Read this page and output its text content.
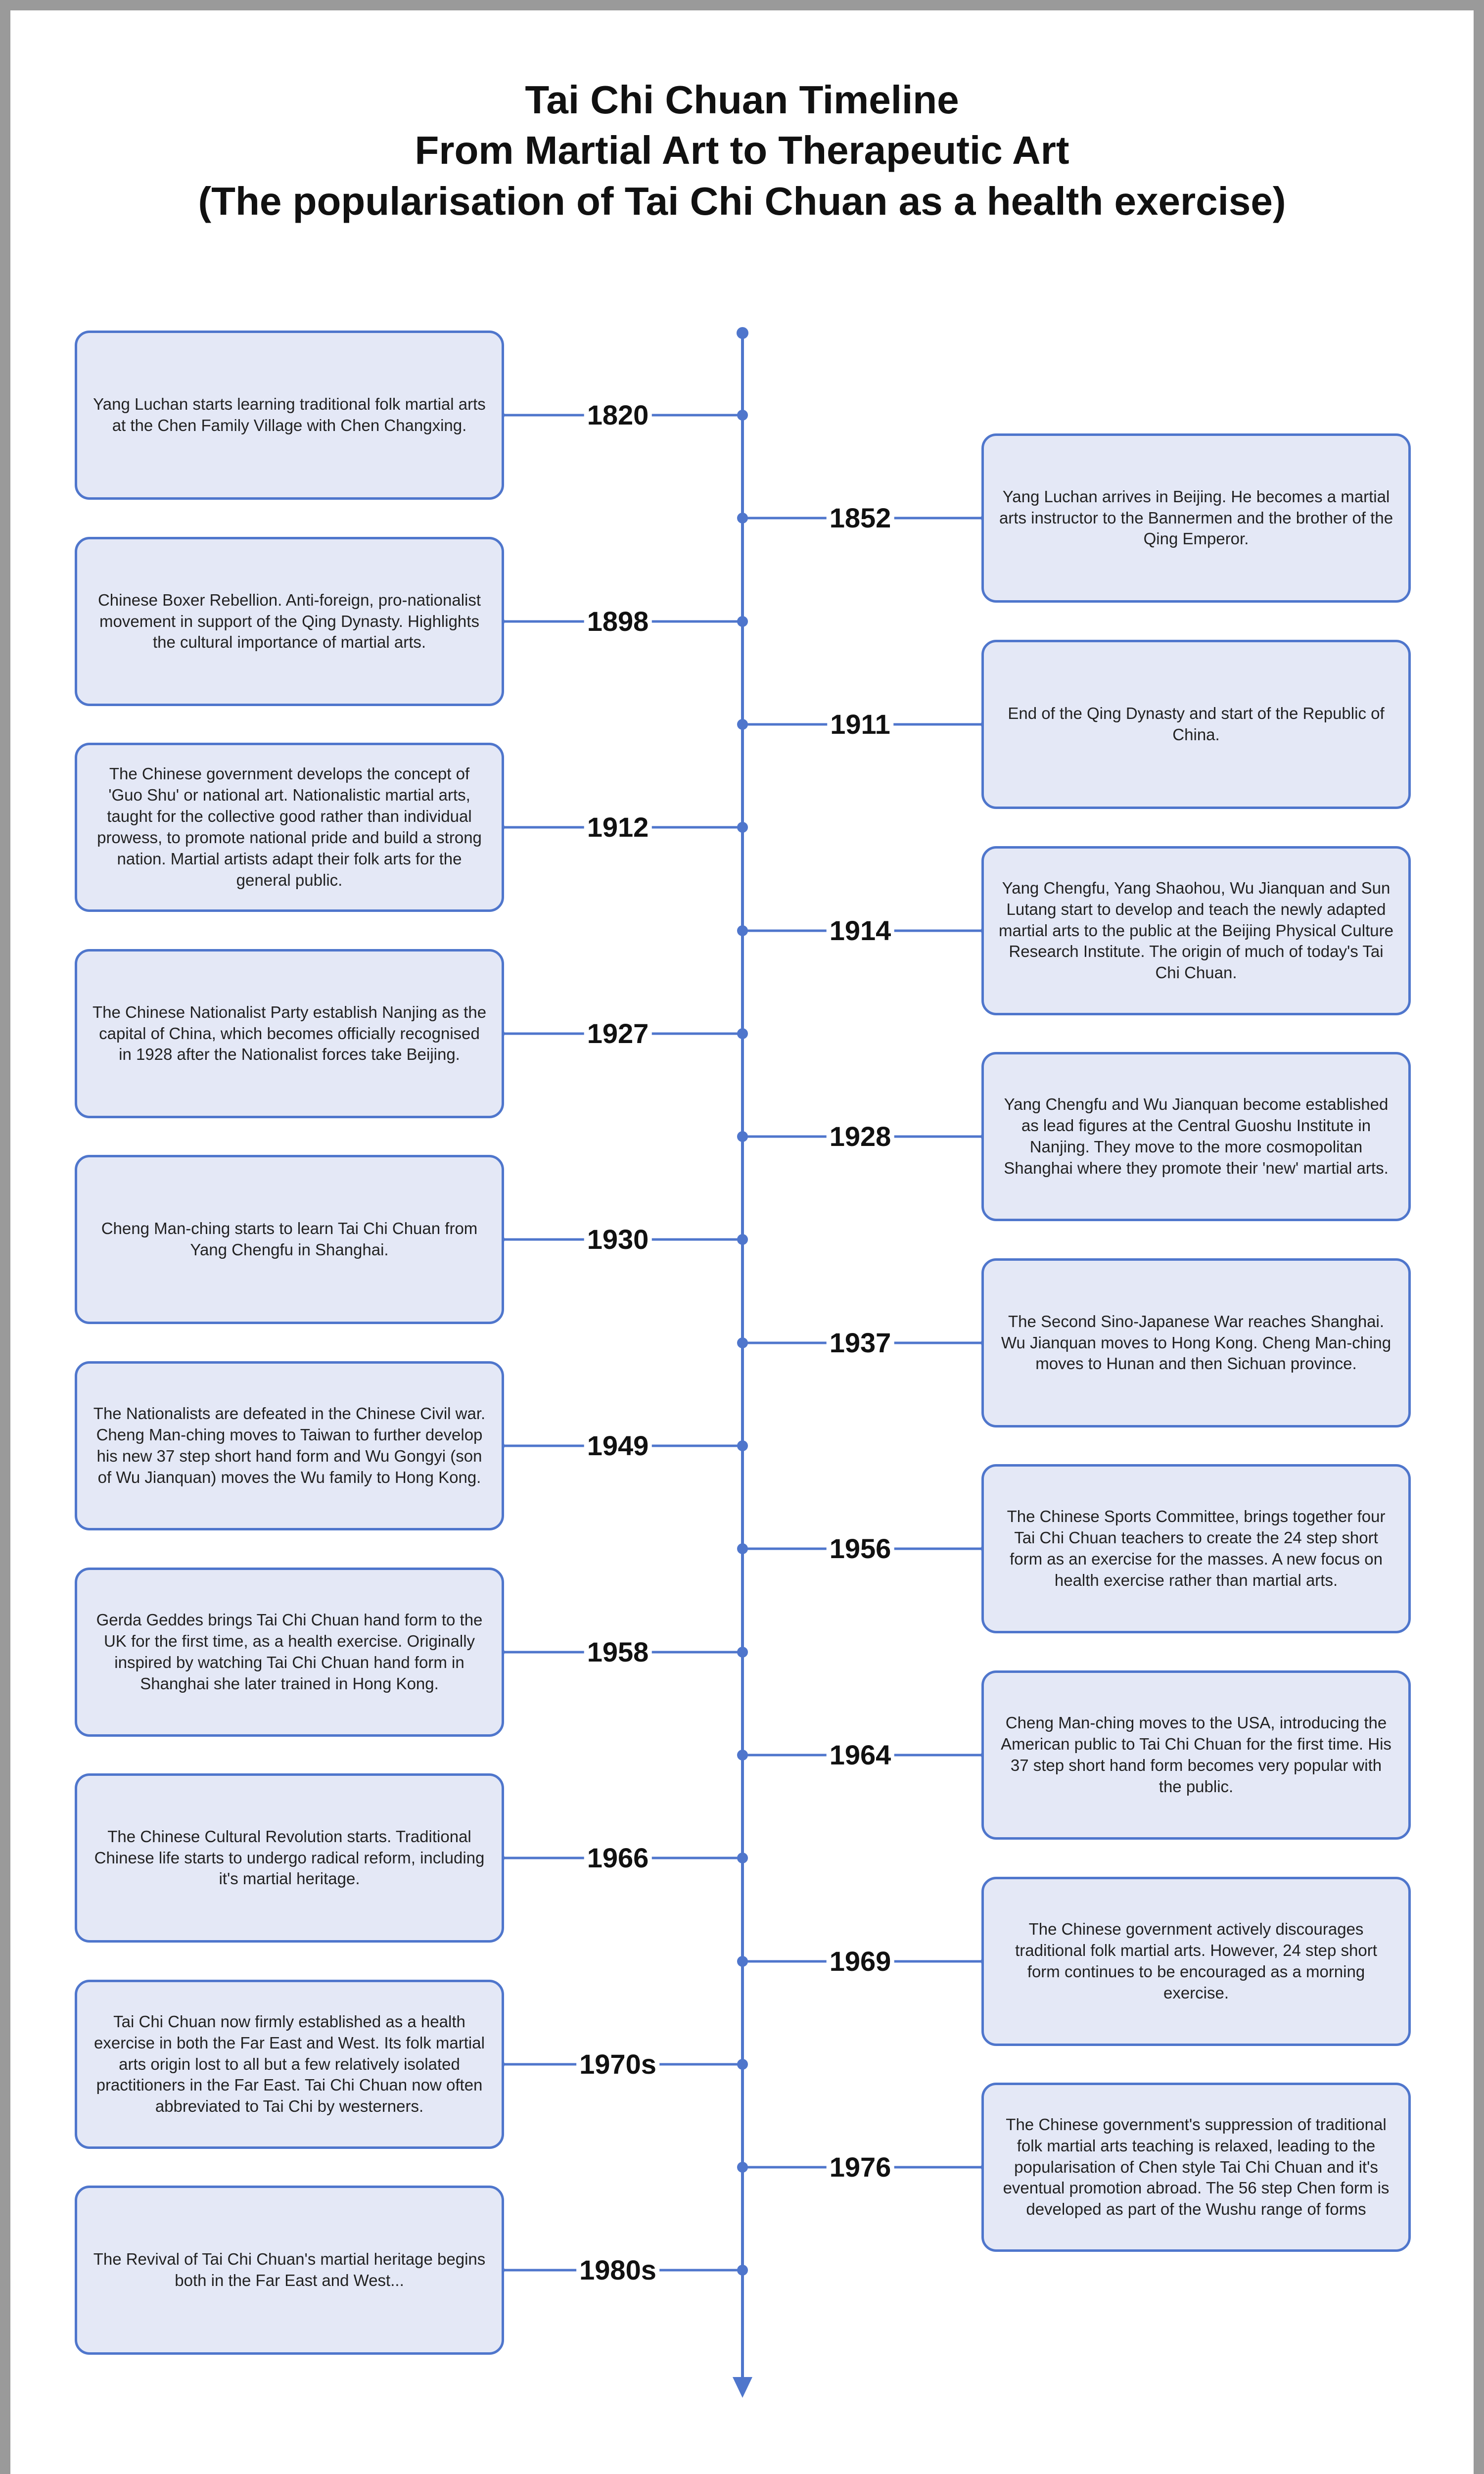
Tai Chi Chuan Timeline
From Martial Art to Therapeutic Art
(The popularisation of Tai Chi Chuan as a health exercise)
Yang Luchan starts learning traditional folk martial arts at the Chen Family Village with Chen Changxing.	1820
Yang Luchan arrives in Beijing. He becomes a martial arts instructor to the Bannermen and the brother of the Qing Emperor.
1852
Chinese Boxer Rebellion. Anti-foreign, pro-nationalist movement in support of the Qing Dynasty. Highlights the cultural importance of martial arts.
1898
End of the Qing Dynasty and start of the Republic of China.
1911
The Chinese government develops the concept of 'Guo Shu' or national art. Nationalistic martial arts, taught for the collective good rather than individual prowess, to promote national pride and build a strong nation. Martial artists adapt their folk arts for the general public.
1912
Yang Chengfu, Yang Shaohou, Wu Jianquan and Sun Lutang start to develop and teach the newly adapted martial arts to the public at the Beijing Physical Culture Research Institute. The origin of much of today's Tai Chi Chuan.
1914
The Chinese Nationalist Party establish Nanjing as the capital of China, which becomes officially recognised in 1928 after the Nationalist forces take Beijing.
1927
Yang Chengfu and Wu Jianquan become established as lead figures at the Central Guoshu Institute in Nanjing. They move to the more cosmopolitan Shanghai where they promote their 'new' martial arts.
1928
Cheng Man-ching starts to learn Tai Chi Chuan from Yang Chengfu in Shanghai.	1930
The Second Sino-Japanese War reaches Shanghai. Wu Jianquan moves to Hong Kong. Cheng Man-ching moves to Hunan and then Sichuan province.
1937
The Nationalists are defeated in the Chinese Civil war. Cheng Man-ching moves to Taiwan to further develop his new 37 step short hand form and Wu Gongyi (son of Wu Jianquan) moves the Wu family to Hong Kong.
1949
The Chinese Sports Committee, brings together four Tai Chi Chuan teachers to create the 24 step short form as an exercise for the masses. A new focus on health exercise rather than martial arts.
1956
Gerda Geddes brings Tai Chi Chuan hand form to the UK for the first time, as a health exercise. Originally inspired by watching Tai Chi Chuan hand form in Shanghai she later trained in Hong Kong.
1958
Cheng Man-ching moves to the USA, introducing the American public to Tai Chi Chuan for the first time. His 37 step short hand form becomes very popular with the public.
1964
The Chinese Cultural Revolution starts. Traditional Chinese life starts to undergo radical reform, including it's martial heritage.
1966
The Chinese government actively discourages traditional folk martial arts. However, 24 step short form continues to be encouraged as a morning exercise.
1969
Tai Chi Chuan now firmly established as a health exercise in both the Far East and West. Its folk martial arts origin lost to all but a few relatively isolated practitioners in the Far East. Tai Chi Chuan now often abbreviated to Tai Chi by westerners.
1970s
The Chinese government's suppression of traditional folk martial arts teaching is relaxed, leading to the popularisation of Chen style Tai Chi Chuan and it's eventual promotion abroad. The 56 step Chen form is developed as part of the Wushu range of forms
1976
The Revival of Tai Chi Chuan's martial heritage begins both in the Far East and West...	1980s
